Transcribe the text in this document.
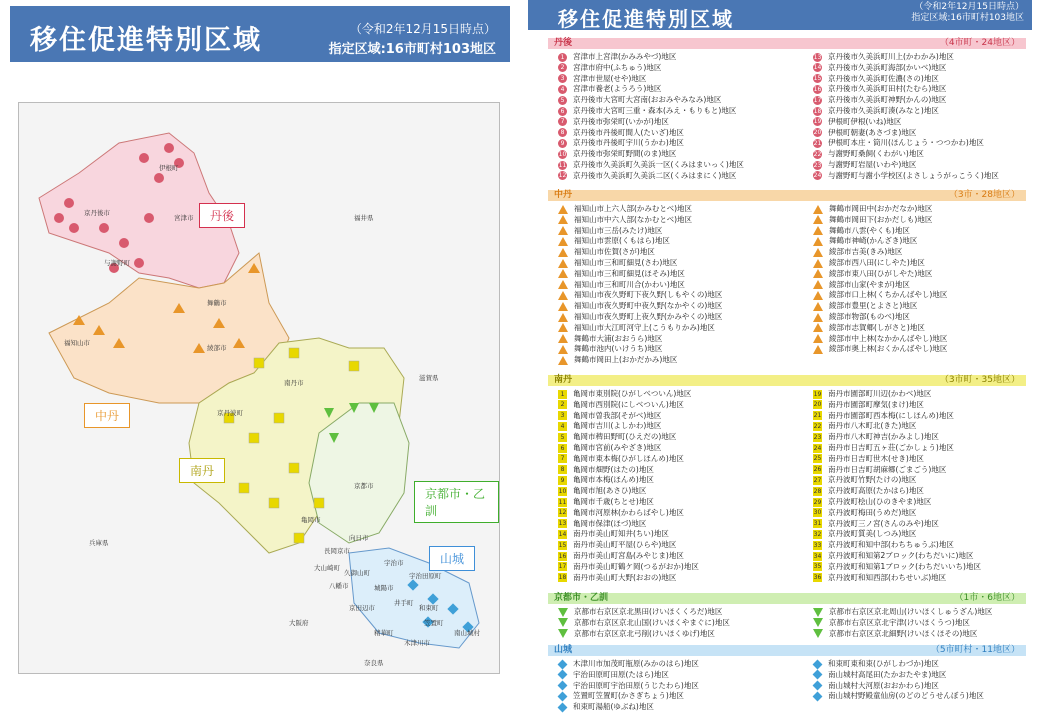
移住促進特別区域	（令和2年12月15日時点）
指定区域:16市町村103地区
丹後
中丹
南丹
京都市・乙訓
山城
伊根町
京丹後市
宮津市
与謝野町
舞鶴市
福知山市
綾部市
南丹市
京丹波町
亀岡市
京都市
福井県
滋賀県
兵庫県
大阪府
奈良県
長岡京市
向日市
大山崎町
八幡市
京田辺市
久御山町
城陽市
宇治市
井手町
和束町
宇治田原町
笠置町
南山城村
精華町
木津川市
移住促進特別区域	（令和2年12月15日時点）
指定区域:16市町村103地区
丹後	（4市町・24地区）
1 宮津市上宮津(かみみやづ)地区
2 宮津市府中(ふちゅう)地区
3 宮津市世屋(せや)地区
4 宮津市養老(ようろう)地区
5 京丹後市大宮町大宮南(おおみやみなみ)地区
6 京丹後市大宮町三重・森本(みえ・もりもと)地区
7 京丹後市弥栄町(いかが)地区
8 京丹後市丹後町間人(たいざ)地区
9 京丹後市丹後町宇川(うかわ)地区
10 京丹後市弥栄町野間(のま)地区
11 京丹後市久美浜町久美浜一区(くみはまいっく)地区
12 京丹後市久美浜町久美浜二区(くみはまにく)地区
13 京丹後市久美浜町川上(かわかみ)地区
14 京丹後市久美浜町海部(かいべ)地区
15 京丹後市久美浜町佐濃(さの)地区
16 京丹後市久美浜町田村(たむら)地区
17 京丹後市久美浜町神野(かんの)地区
18 京丹後市久美浜町湊(みなと)地区
19 伊根町伊根(いね)地区
20 伊根町朝妻(あさづま)地区
21 伊根町本庄・筒川(ほんじょう・つつかわ)地区
22 与謝野町桑飼(くわがい)地区
23 与謝野町岩屋(いわや)地区
24 与謝野町与謝小学校区(よさしょうがっこうく)地区
中丹	（3市・28地区）
福知山市上六人部(かみむとべ)地区
福知山市中六人部(なかむとべ)地区
福知山市三岳(みたけ)地区
福知山市雲原(くもはら)地区
福知山市佐賀(さが)地区
福知山市三和町細見(さわ)地区
福知山市三和町細見(ほそみ)地区
福知山市三和町川合(かわい)地区
福知山市夜久野町下夜久野(しもやくの)地区
福知山市夜久野町中夜久野(なかやくの)地区
福知山市夜久野町上夜久野(かみやくの)地区
福知山市大江町河守上(こうもりかみ)地区
舞鶴市大浦(おおうら)地区
舞鶴市池内(いけうち)地区
舞鶴市岡田上(おかだかみ)地区
舞鶴市岡田中(おかだなか)地区
舞鶴市岡田下(おかだしも)地区
舞鶴市八雲(やくも)地区
舞鶴市神崎(かんざき)地区
綾部市吉美(きみ)地区
綾部市西八田(にしやた)地区
綾部市東八田(ひがしやた)地区
綾部市山家(やまが)地区
綾部市口上林(くちかんばやし)地区
綾部市豊里(とよさと)地区
綾部市物部(ものべ)地区
綾部市志賀郷(しがさと)地区
綾部市中上林(なかかんばやし)地区
綾部市奥上林(おくかんばやし)地区
南丹	（3市町・35地区）
1 亀岡市東別院(ひがしべついん)地区
2 亀岡市西別院(にしべついん)地区
3 亀岡市曽我部(そがべ)地区
4 亀岡市吉川(よしかわ)地区
5 亀岡市稗田野町(ひえだの)地区
6 亀岡市宮前(みやざき)地区
7 亀岡市東本梅(ひがしほんめ)地区
8 亀岡市畑野(はたの)地区
9 亀岡市本梅(ほんめ)地区
10 亀岡市旭(あさひ)地区
11 亀岡市千歳(ちとせ)地区
12 亀岡市河原林(かわらばやし)地区
13 亀岡市保津(ほづ)地区
14 南丹市美山町知井(ちい)地区
15 南丹市美山町平屋(ひらや)地区
16 南丹市美山町宮島(みやじま)地区
17 南丹市美山町鶴ケ岡(つるがおか)地区
18 南丹市美山町大野(おおの)地区
19 南丹市園部町川辺(かわべ)地区
20 南丹市園部町摩気(まけ)地区
21 南丹市園部町西本梅(にしほんめ)地区
22 南丹市八木町北(きた)地区
23 南丹市八木町神吉(かみよし)地区
24 南丹市日吉町五ヶ荘(ごかしょう)地区
25 南丹市日吉町世木(せき)地区
26 南丹市日吉町胡麻郷(ごまごう)地区
27 京丹波町竹野(たけの)地区
28 京丹波町高原(たかはら)地区
29 京丹波町桧山(ひのきやま)地区
30 京丹波町梅田(うめだ)地区
31 京丹波町三ノ宮(さんのみや)地区
32 京丹波町質美(しつみ)地区
33 京丹波町和知中部(わちちゅうぶ)地区
34 京丹波町和知第2ブロック(わちだいに)地区
35 京丹波町和知第1ブロック(わちだいいち)地区
36 京丹波町和知西部(わちせいぶ)地区
京都市・乙訓	（1市・6地区）
京都市右京区京北黒田(けいほくくろだ)地区
京都市右京区京北山国(けいほくやまぐに)地区
京都市右京区京北弓削(けいほくゆげ)地区
京都市右京区京北周山(けいほくしゅうざん)地区
京都市右京区京北宇津(けいほくうつ)地区
京都市右京区京北細野(けいほくほその)地区
山城	（5市町村・11地区）
木津川市加茂町瓶原(みかのはら)地区
宇治田原町田原(たはら)地区
宇治田原町宇治田原(うじたわら)地区
笠置町笠置町(かさぎちょう)地区
和束町湯船(ゆぶね)地区
和束町東和束(ひがしわづか)地区
南山城村高尾田(たかおたやま)地区
南山城村大河原(おおかわら)地区
南山城村野殿童仙房(のどのどうせんぼう)地区
